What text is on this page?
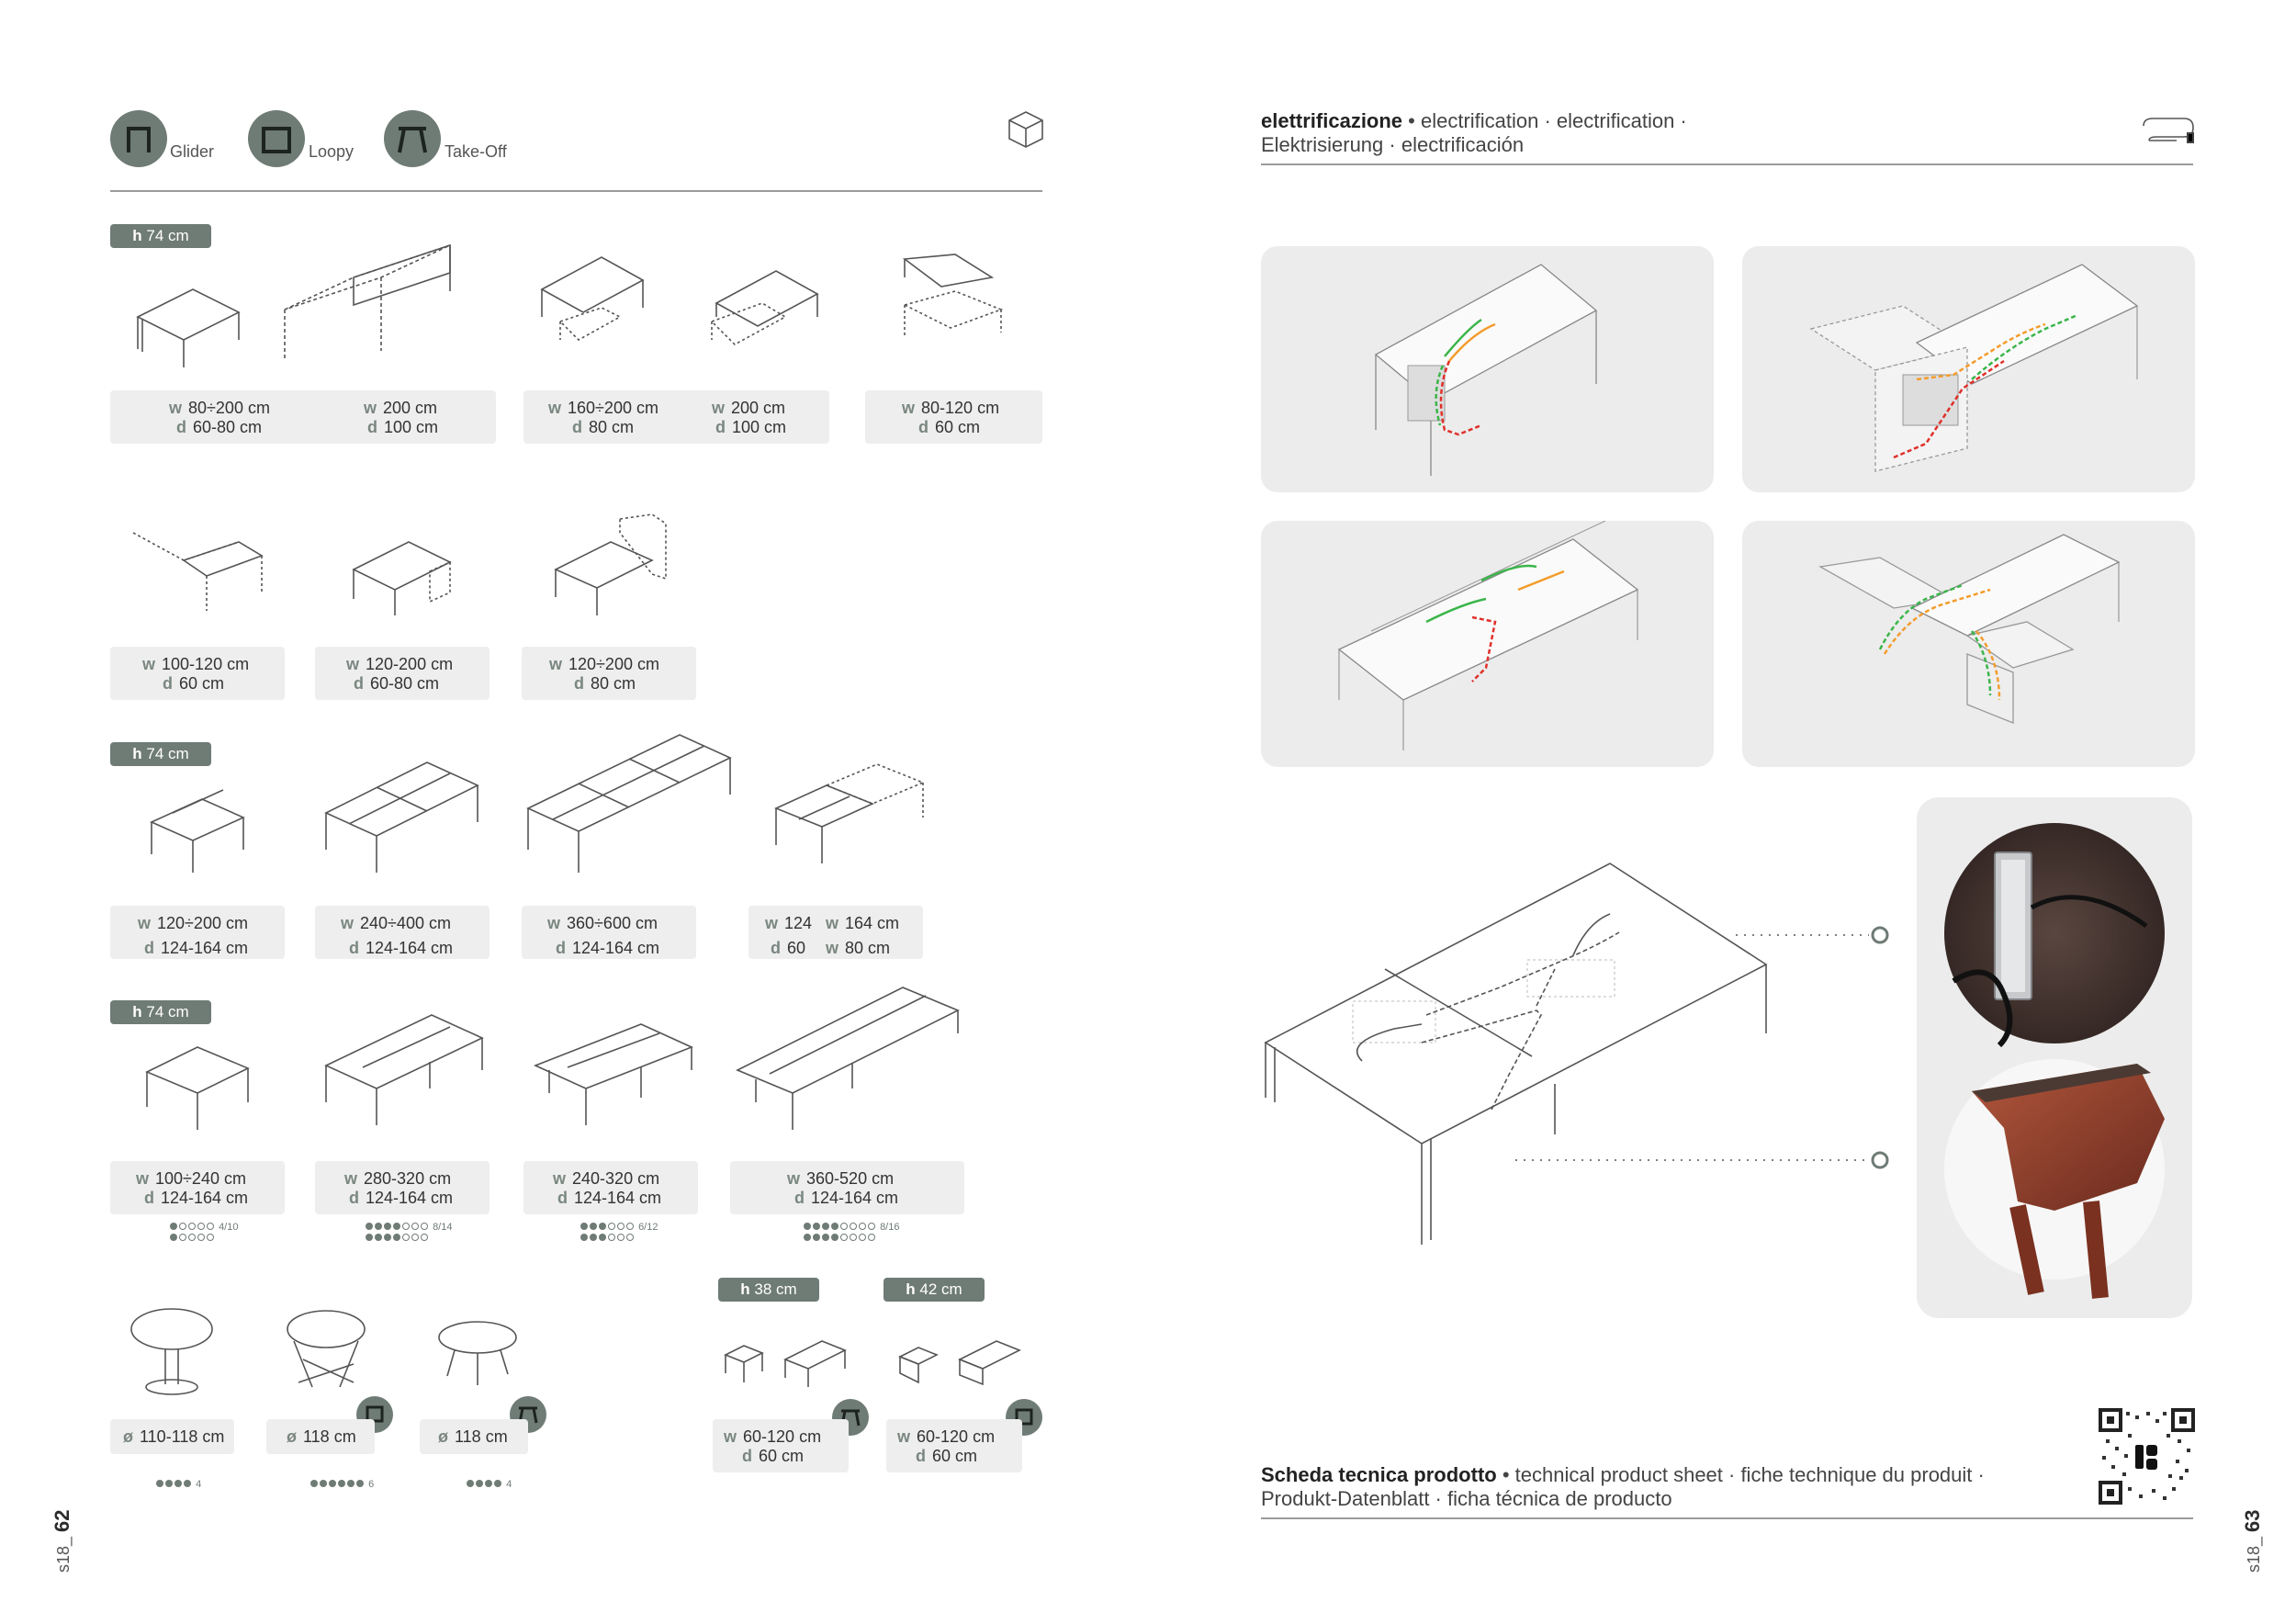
Glider	Loopy	Take-Off
h 74 cm
w 80÷200 cm
d 60-80 cm
w 200 cm
d 100 cm
w 160÷200 cm
d 80 cm
w 200 cm
d 100 cm
w 80-120 cm
d 60 cm
w 100-120 cm
d 60 cm
w 120-200 cm
d 60-80 cm
w 120÷200 cm
d 80 cm
h 74 cm
w 120÷200 cm
d 124-164 cm
w 240÷400 cm
d 124-164 cm
w 360÷600 cm
d 124-164 cm
w 124
d 60
w 164 cm
w 80 cm
h 74 cm
w 100÷240 cm
d 124-164 cm
w 280-320 cm
d 124-164 cm
w 240-320 cm
d 124-164 cm
w 360-520 cm
d 124-164 cm
4/10	8/14	6/12	8/16
h 38 cm	h 42 cm
ø 110-118 cm	ø 118 cm	ø 118 cm
4	6	4
w 60-120 cm
d 60 cm
w 60-120 cm
d 60 cm
s18_ 62
elettrificazione • electrification · electrification ·
Elektrisierung · electrificación
Scheda tecnica prodotto • technical product sheet · fiche technique du produit ·
Produkt-Datenblatt · ficha técnica de producto
s18_ 63
